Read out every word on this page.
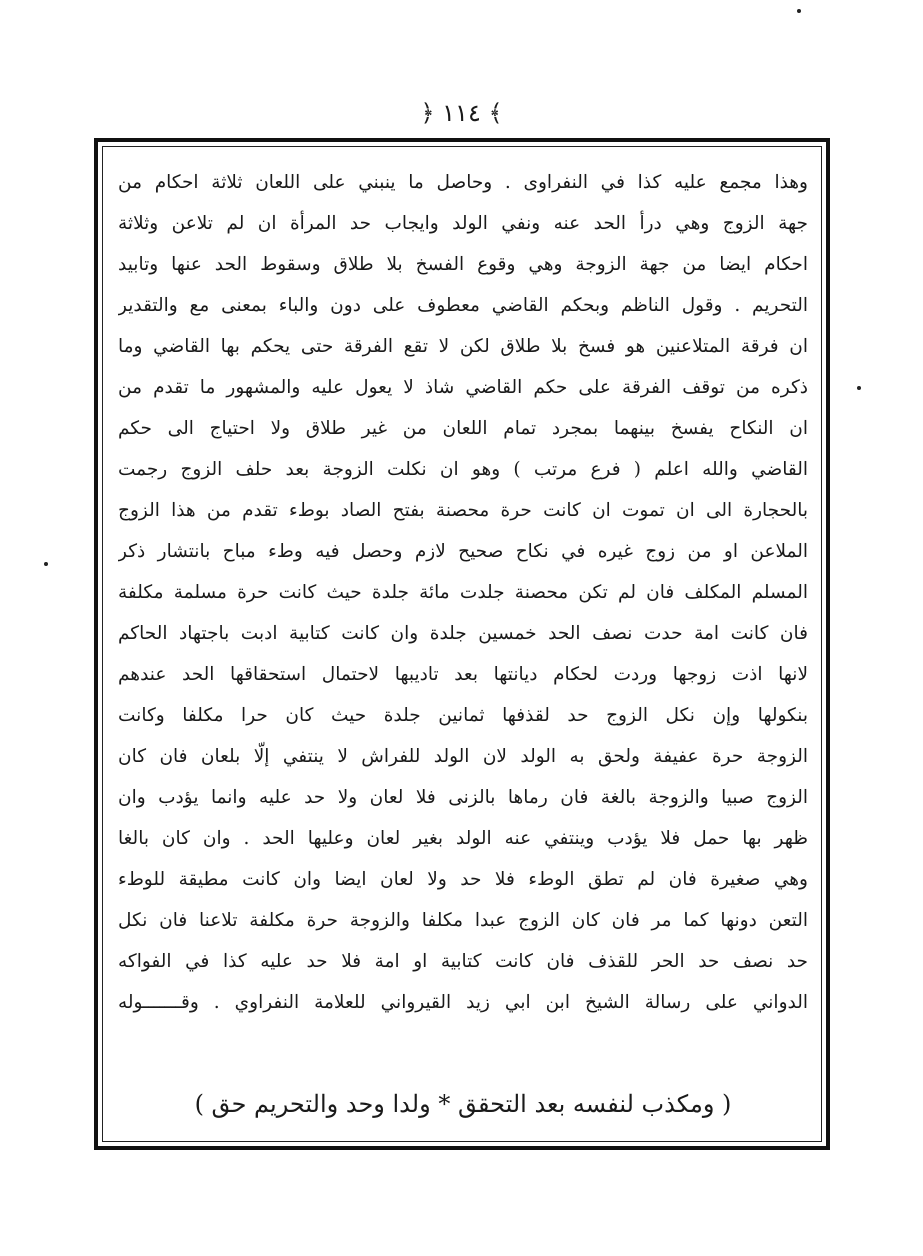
﴿ ١١٤ ﴾
وهذا مجمع عليه كذا في النفراوى . وحاصل ما ينبني على اللعان ثلاثة احكام من
جهة الزوج وهي درأ الحد عنه ونفي الولد وايجاب حد المرأة ان لم تلاعن وثلاثة
احكام ايضا من جهة الزوجة وهي وقوع الفسخ بلا طلاق وسقوط الحد عنها وتابيد
التحريم . وقول الناظم وبحكم القاضي معطوف على دون والباء بمعنى مع والتقدير
ان فرقة المتلاعنين هو فسخ بلا طلاق لكن لا تقع الفرقة حتى يحكم بها القاضي وما
ذكره من توقف الفرقة على حكم القاضي شاذ لا يعول عليه والمشهور ما تقدم من
ان النكاح يفسخ بينهما بمجرد تمام اللعان من غير طلاق ولا احتياج الى حكم
القاضي والله اعلم ( فرع مرتب ) وهو ان نكلت الزوجة بعد حلف الزوج رجمت
بالحجارة الى ان تموت ان كانت حرة محصنة بفتح الصاد بوطء تقدم من هذا الزوج
الملاعن او من زوج غيره في نكاح صحيح لازم وحصل فيه وطء مباح بانتشار ذكر
المسلم المكلف فان لم تكن محصنة جلدت مائة جلدة حيث كانت حرة مسلمة مكلفة
فان كانت امة حدت نصف الحد خمسين جلدة وان كانت كتابية ادبت باجتهاد الحاكم
لانها اذت زوجها وردت لحكام ديانتها بعد تاديبها لاحتمال استحقاقها الحد عندهم
بنكولها وإن نكل الزوج حد لقذفها ثمانين جلدة حيث كان حرا مكلفا وكانت
الزوجة حرة عفيفة ولحق به الولد لان الولد للفراش لا ينتفي إلّا بلعان فان كان
الزوج صبيا والزوجة بالغة فان رماها بالزنى فلا لعان ولا حد عليه وانما يؤدب وان
ظهر بها حمل فلا يؤدب وينتفي عنه الولد بغير لعان وعليها الحد . وان كان بالغا
وهي صغيرة فان لم تطق الوطء فلا حد ولا لعان ايضا وان كانت مطيقة للوطء
التعن دونها كما مر فان كان الزوج عبدا مكلفا والزوجة حرة مكلفة تلاعنا فان نكل
حد نصف حد الحر للقذف فان كانت كتابية او امة فلا حد عليه كذا في الفواكه
الدواني على رسالة الشيخ ابن ابي زيد القيرواني للعلامة النفراوي . وقـــــــوله
( ومكذب لنفسه بعد التحقق * ولدا وحد والتحريم حق )
